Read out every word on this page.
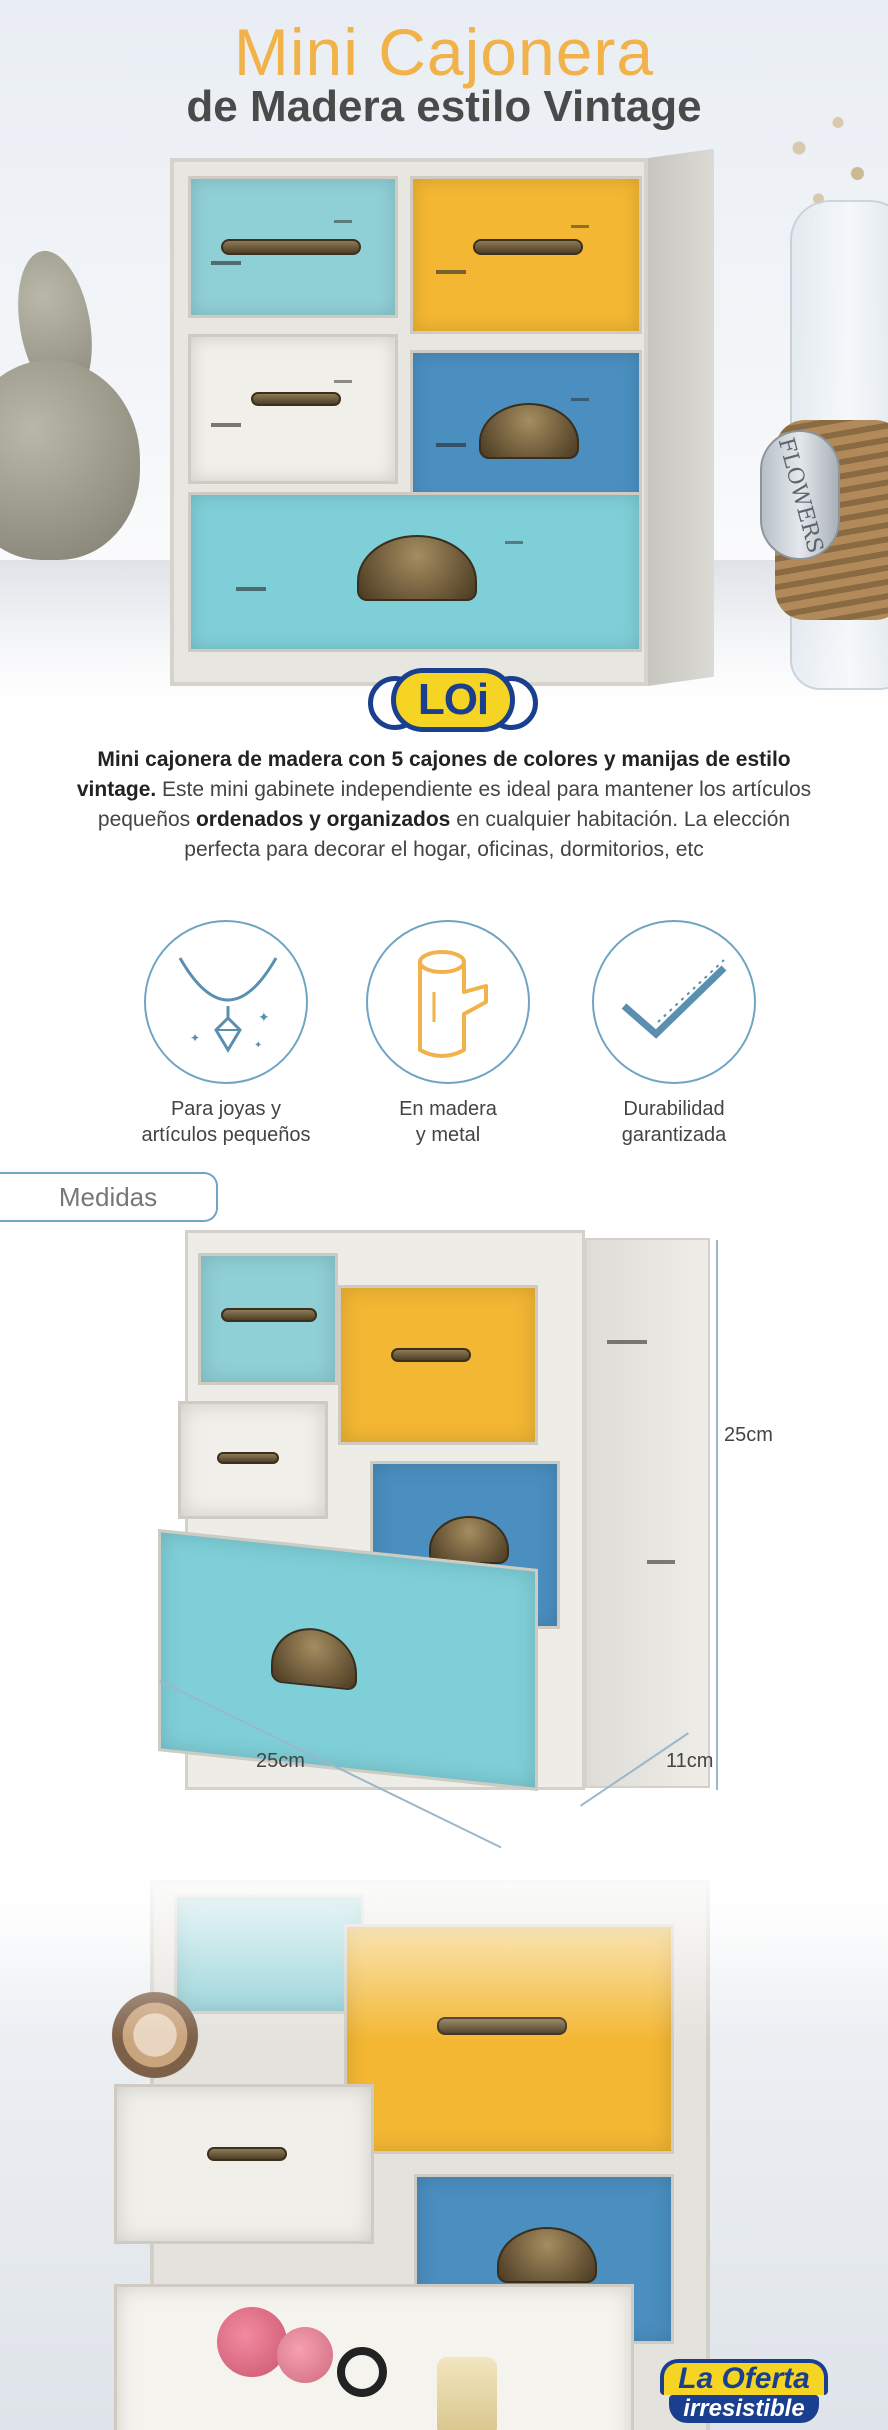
FLOWERS
Mini Cajonera
de Madera estilo Vintage
LOi

Mini cajonera de madera con 5 cajones de colores y manijas de estilo vintage. Este mini gabinete independiente es ideal para mantener los artículos pequeños ordenados y organizados en cualquier habitación. La elección perfecta para decorar el hogar, oficinas, dormitorios, etc

✦
✦
✦
Para joyas y
artículos pequeños
En madera
y metal
Durabilidad
garantizada
Medidas
25cm
25cm	11cm
La Oferta
irresistible
